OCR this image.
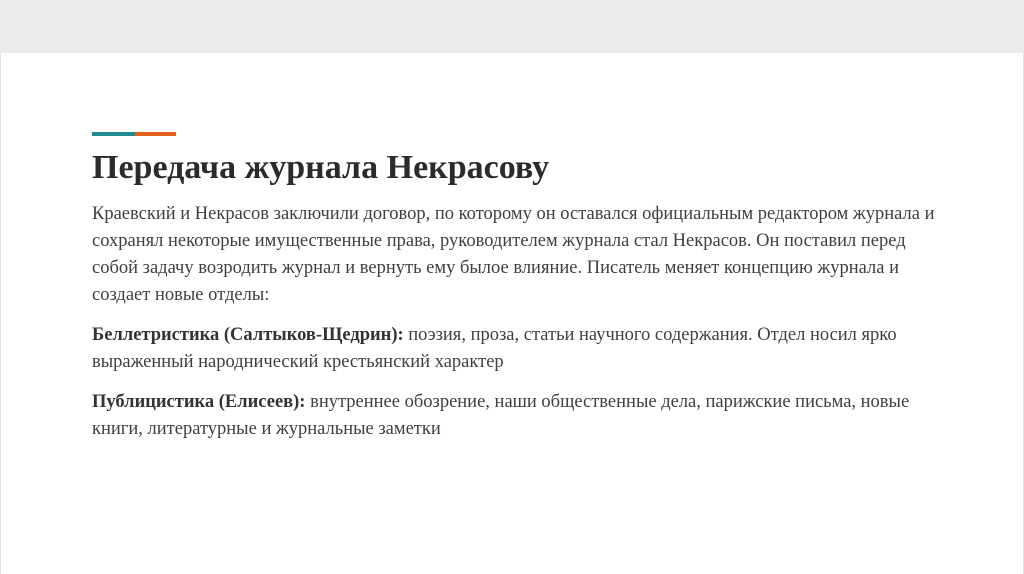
Передача журнала Некрасову

Краевский и Некрасов заключили договор, по которому он оставался официальным редактором журнала и сохранял некоторые имущественные права, руководителем журнала стал Некрасов. Он поставил перед собой задачу возродить журнал и вернуть ему былое влияние. Писатель меняет концепцию журнала и создает новые отделы:

Беллетристика (Салтыков-Щедрин): поэзия, проза, статьи научного содержания. Отдел носил ярко выраженный народнический крестьянский характер

Публицистика (Елисеев): внутреннее обозрение, наши общественные дела, парижские письма, новые книги, литературные и журнальные заметки
